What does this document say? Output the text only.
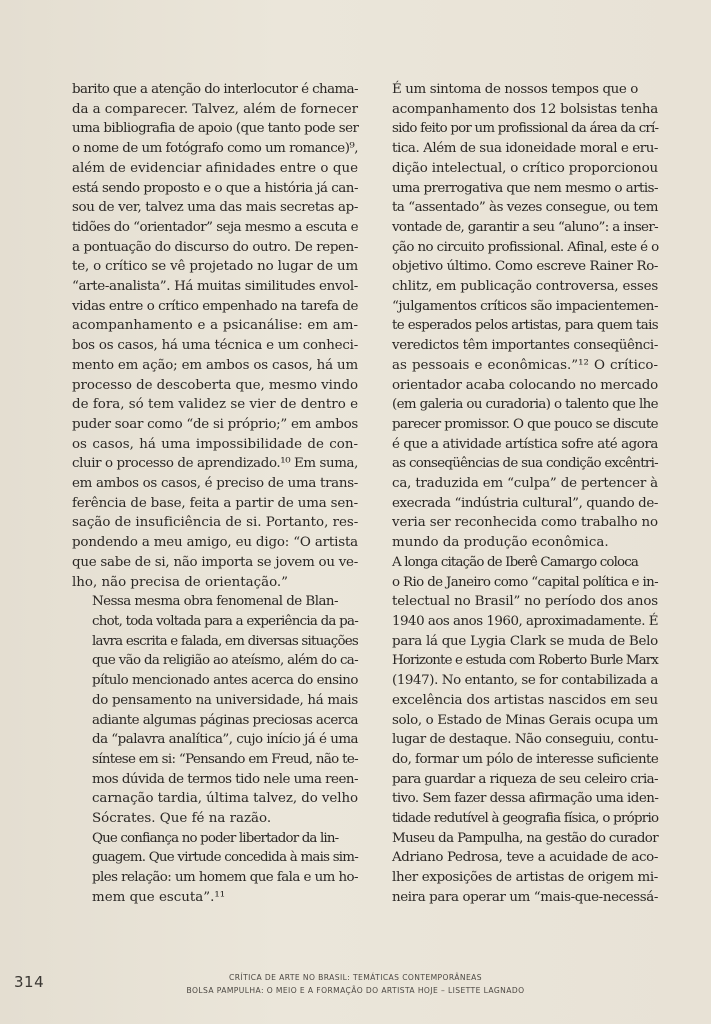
barito que a atenção do interlocutor é chama-
da a comparecer. Talvez, além de fornecer
uma bibliografia de apoio (que tanto pode ser
o nome de um fotógrafo como um romance)⁹,
além de evidenciar afinidades entre o que
está sendo proposto e o que a história já can-
sou de ver, talvez uma das mais secretas ap-
tidões do “orientador” seja mesmo a escuta e
a pontuação do discurso do outro. De repen-
te, o crítico se vê projetado no lugar de um
“arte-analista”. Há muitas similitudes envol-
vidas entre o crítico empenhado na tarefa de
acompanhamento e a psicanálise: em am-
bos os casos, há uma técnica e um conheci-
mento em ação; em ambos os casos, há um
processo de descoberta que, mesmo vindo
de fora, só tem validez se vier de dentro e
puder soar como “de si próprio;” em ambos
os casos, há uma impossibilidade de con-
cluir o processo de aprendizado.¹⁰ Em suma,
em ambos os casos, é preciso de uma trans-
ferência de base, feita a partir de uma sen-
sação de insuficiência de si. Portanto, res-
pondendo a meu amigo, eu digo: “O artista
que sabe de si, não importa se jovem ou ve-
lho, não precisa de orientação.”

Nessa mesma obra fenomenal de Blan-
chot, toda voltada para a experiência da pa-
lavra escrita e falada, em diversas situações
que vão da religião ao ateísmo, além do ca-
pítulo mencionado antes acerca do ensino
do pensamento na universidade, há mais
adiante algumas páginas preciosas acerca
da “palavra analítica”, cujo início já é uma
síntese em si: “Pensando em Freud, não te-
mos dúvida de termos tido nele uma reen-
carnação tardia, última talvez, do velho
Sócrates. Que fé na razão.

Que confiança no poder libertador da lin-
guagem. Que virtude concedida à mais sim-
ples relação: um homem que fala e um ho-
mem que escuta”.¹¹

É um sintoma de nossos tempos que o
acompanhamento dos 12 bolsistas tenha
sido feito por um profissional da área da crí-
tica. Além de sua idoneidade moral e eru-
dição intelectual, o crítico proporcionou
uma prerrogativa que nem mesmo o artis-
ta “assentado” às vezes consegue, ou tem
vontade de, garantir a seu “aluno”: a inser-
ção no circuito profissional. Afinal, este é o
objetivo último. Como escreve Rainer Ro-
chlitz, em publicação controversa, esses
“julgamentos críticos são impacientemen-
te esperados pelos artistas, para quem tais
veredictos têm importantes conseqüênci-
as pessoais e econômicas.”¹² O crítico-
orientador acaba colocando no mercado
(em galeria ou curadoria) o talento que lhe
parecer promissor. O que pouco se discute
é que a atividade artística sofre até agora
as conseqüências de sua condição excêntri-
ca, traduzida em “culpa” de pertencer à
execrada “indústria cultural”, quando de-
veria ser reconhecida como trabalho no
mundo da produção econômica.

A longa citação de Iberê Camargo coloca
o Rio de Janeiro como “capital política e in-
telectual no Brasil” no período dos anos
1940 aos anos 1960, aproximadamente. É
para lá que Lygia Clark se muda de Belo
Horizonte e estuda com Roberto Burle Marx
(1947). No entanto, se for contabilizada a
excelência dos artistas nascidos em seu
solo, o Estado de Minas Gerais ocupa um
lugar de destaque. Não conseguiu, contu-
do, formar um pólo de interesse suficiente
para guardar a riqueza de seu celeiro cria-
tivo. Sem fazer dessa afirmação uma iden-
tidade redutível à geografia física, o próprio
Museu da Pampulha, na gestão do curador
Adriano Pedrosa, teve a acuidade de aco-
lher exposições de artistas de origem mi-
neira para operar um “mais-que-necessá-

314	CRÍTICA DE ARTE NO BRASIL: TEMÁTICAS CONTEMPORÂNEAS
BOLSA PAMPULHA: O MEIO E A FORMAÇÃO DO ARTISTA HOJE – LISETTE LAGNADO
